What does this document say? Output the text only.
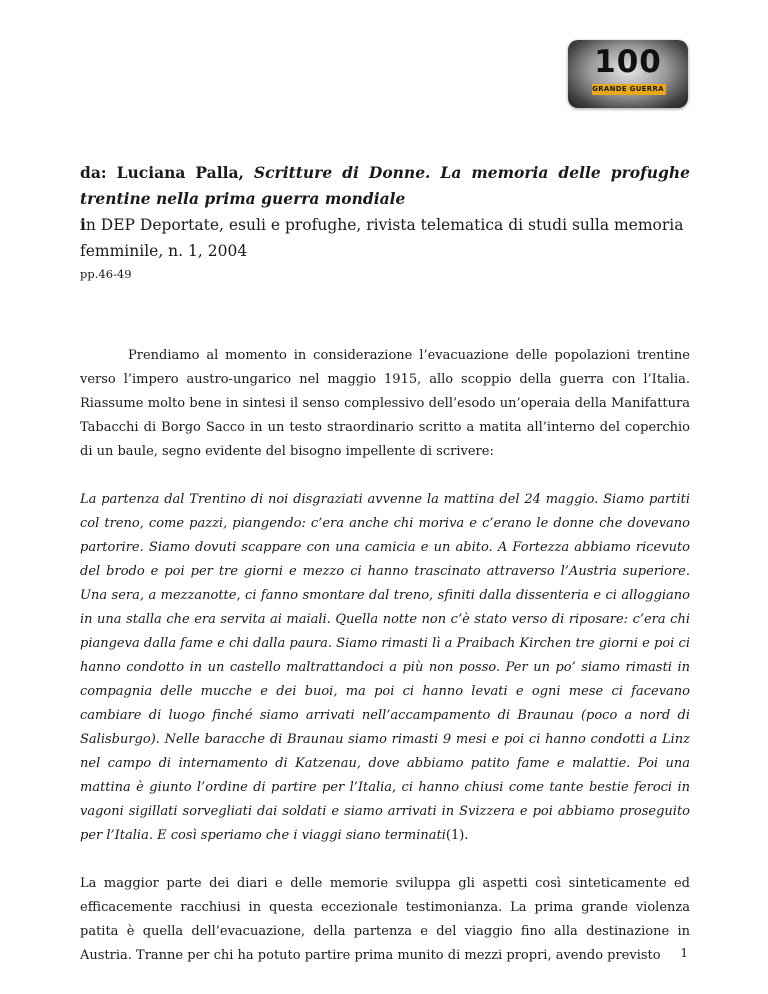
100
GRANDE GUERRA

da: Luciana Palla, Scritture di Donne. La memoria delle profughe trentine nella prima guerra mondiale

in DEP Deportate, esuli e profughe, rivista telematica di studi sulla memoria femminile, n. 1, 2004

pp.46-49

Prendiamo al momento in considerazione l’evacuazione delle popolazioni trentine verso l’impero austro-ungarico nel maggio 1915, allo scoppio della guerra con l’Italia. Riassume molto bene in sintesi il senso complessivo dell’esodo un’operaia della Manifattura Tabacchi di Borgo Sacco in un testo straordinario scritto a matita all’interno del coperchio di un baule, segno evidente del bisogno impellente di scrivere:

La partenza dal Trentino di noi disgraziati avvenne la mattina del 24 maggio. Siamo partiti col treno, come pazzi, piangendo: c’era anche chi moriva e c’erano le donne che dovevano partorire. Siamo dovuti scappare con una camicia e un abito. A Fortezza abbiamo ricevuto del brodo e poi per tre giorni e mezzo ci hanno trascinato attraverso l’Austria superiore. Una sera, a mezzanotte, ci fanno smontare dal treno, sfiniti dalla dissenteria e ci alloggiano in una stalla che era servita ai maiali. Quella notte non c’è stato verso di riposare: c’era chi piangeva dalla fame e chi dalla paura. Siamo rimasti lì a Praibach Kirchen tre giorni e poi ci hanno condotto in un castello maltrattandoci a più non posso. Per un po’ siamo rimasti in compagnia delle mucche e dei buoi, ma poi ci hanno levati e ogni mese ci facevano cambiare di luogo finché siamo arrivati nell’accampamento di Braunau (poco a nord di Salisburgo). Nelle baracche di Braunau siamo rimasti 9 mesi e poi ci hanno condotti a Linz nel campo di internamento di Katzenau, dove abbiamo patito fame e malattie. Poi una mattina è giunto l’ordine di partire per l’Italia, ci hanno chiusi come tante bestie feroci in vagoni sigillati sorvegliati dai soldati e siamo arrivati in Svizzera e poi abbiamo proseguito per l’Italia. E così speriamo che i viaggi siano terminati(1).

La maggior parte dei diari e delle memorie sviluppa gli aspetti così sinteticamente ed efficacemente racchiusi in questa eccezionale testimonianza. La prima grande violenza patita è quella dell’evacuazione, della partenza e del viaggio fino alla destinazione in Austria. Tranne per chi ha potuto partire prima munito di mezzi propri, avendo previsto	1
